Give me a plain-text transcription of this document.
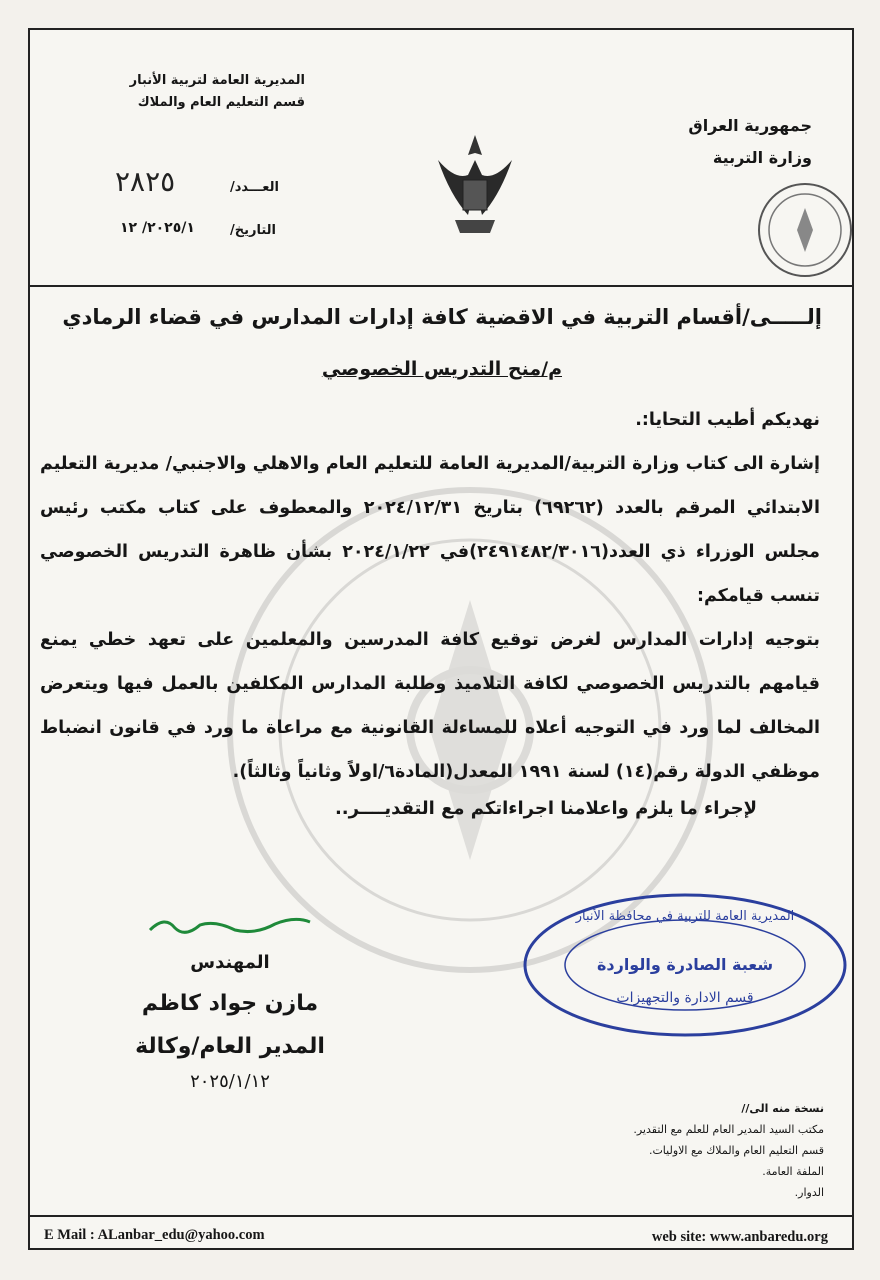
جمهورية العراق
وزارة التربية
المديرية العامة لتربية الأنبار
قسم التعليم العام والملاك
العـــدد/
٢٨٢٥
التاريخ/
٢٠٢٥/١/ ١٢
إلـــــى/أقسام التربية في الاقضية كافة إدارات المدارس في قضاء الرمادي
م/منح التدريس الخصوصي

نهديكم أطيب التحايا:.

إشارة الى كتاب وزارة التربية/المديرية العامة للتعليم العام والاهلي والاجنبي/ مديرية التعليم الابتدائي المرقم بالعدد (٦٩٢٦٢) بتاريخ ٢٠٢٤/١٢/٣١ والمعطوف على كتاب مكتب رئيس مجلس الوزراء ذي العدد(٢٤٩١٤٨٢/٣٠١٦)في ٢٠٢٤/١/٢٢ بشأن ظاهرة التدريس الخصوصي تنسب قيامكم:

بتوجيه إدارات المدارس لغرض توقيع كافة المدرسين والمعلمين على تعهد خطي يمنع قيامهم بالتدريس الخصوصي لكافة التلاميذ وطلبة المدارس المكلفين بالعمل فيها ويتعرض المخالف لما ورد في التوجيه أعلاه للمساءلة القانونية مع مراعاة ما ورد في قانون انضباط موظفي الدولة رقم(١٤) لسنة ١٩٩١ المعدل(المادة٦/اولاً وثانياً وثالثاً).

لإجراء ما يلزم واعلامنا اجراءاتكم مع التقديــــر..
المهندس
مازن جواد كاظم
المدير العام/وكالة
٢٠٢٥/١/١٢
المديرية العامة للتربية في محافظة الأنبار
شعبة الصادرة والواردة
قسم الادارة والتجهيزات
نسخة منه الى//
مكتب السيد المدير العام للعلم مع التقدير.
قسم التعليم العام والملاك مع الاوليات.
الملفة العامة.
الدوار.
E Mail : ALanbar_edu@yahoo.com	web site: www.anbaredu.org
